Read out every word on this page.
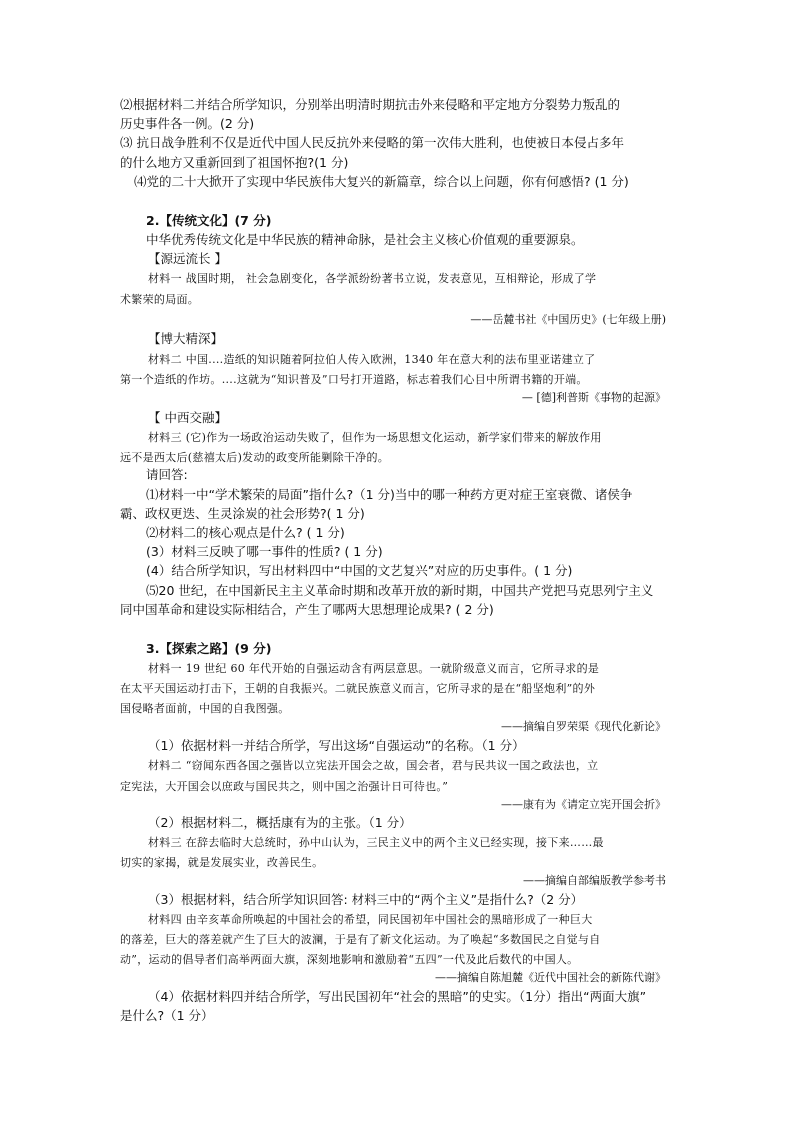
⑵根据材料二并结合所学知识，分别举出明清时期抗击外来侵略和平定地方分裂势力叛乱的
历史事件各一例。(2 分)
⑶ 抗日战争胜利不仅是近代中国人民反抗外来侵略的第一次伟大胜利，也使被日本侵占多年
的什么地方又重新回到了祖国怀抱?(1 分)
⑷党的二十大掀开了实现中华民族伟大复兴的新篇章，综合以上问题，你有何感悟? (1 分)
2.【传统文化】(7 分)
中华优秀传统文化是中华民族的精神命脉，是社会主义核心价值观的重要源泉。
【源远流长 】
材料一 战国时期， 社会急剧变化，各学派纷纷著书立说，发表意见，互相辩论，形成了学
术繁荣的局面。
——岳麓书社《中国历史》(七年级上册)
【博大精深】
材料二 中国....造纸的知识随着阿拉伯人传入欧洲，1340 年在意大利的法布里亚诺建立了
第一个造纸的作坊。....这就为“知识普及”口号打开道路，标志着我们心目中所谓书籍的开端。
— [德]利普斯《事物的起源》
【 中西交融】
材料三 (它)作为一场政治运动失败了，但作为一场思想文化运动，新学家们带来的解放作用
远不是西太后(慈禧太后)发动的政变所能剿除干净的。
请回答:
⑴材料一中“学术繁荣的局面”指什么?（1 分)当中的哪一种药方更对症王室衰微、诸侯争
霸、政权更迭、生灵涂炭的社会形势?( 1 分)
⑵材料二的核心观点是什么? ( 1 分)
(3）材料三反映了哪一事件的性质? ( 1 分)
(4）结合所学知识，写出材料四中“中国的文艺复兴”对应的历史事件。( 1 分)
⑸20 世纪，在中国新民主主义革命时期和改革开放的新时期，中国共产党把马克思列宁主义
同中国革命和建设实际相结合，产生了哪两大思想理论成果? ( 2 分)
3.【探索之路】(9 分)
材料一 19 世纪 60 年代开始的自强运动含有两层意思。一就阶级意义而言，它所寻求的是
在太平天国运动打击下，王朝的自我振兴。二就民族意义而言，它所寻求的是在“船坚炮利”的外
国侵略者面前，中国的自我图强。
——摘编自罗荣渠《现代化新论》
（1）依据材料一并结合所学，写出这场“自强运动”的名称。（1 分）
材料二 “窃闻东西各国之强皆以立宪法开国会之故，国会者，君与民共议一国之政法也，立
定宪法，大开国会以庶政与国民共之，则中国之治强计日可待也。”
——康有为《请定立宪开国会折》
（2）根据材料二，概括康有为的主张。（1 分）
材料三 在辞去临时大总统时，孙中山认为，三民主义中的两个主义已经实现，接下来……最
切实的家揭，就是发展实业，改善民生。
——摘编自部编版教学参考书
（3）根据材料，结合所学知识回答: 材料三中的“两个主义”是指什么?（2 分）
材料四 由辛亥革命所唤起的中国社会的希望，同民国初年中国社会的黑暗形成了一种巨大
的落差，巨大的落差就产生了巨大的波澜，于是有了新文化运动。为了唤起“多数国民之自觉与自
动”，运动的倡导者们高举两面大旗，深刻地影响和激励着“五四”一代及此后数代的中国人。
——摘编自陈旭麓《近代中国社会的新陈代谢》
（4）依据材料四并结合所学，写出民国初年“社会的黑暗”的史实。（1分）指出“两面大旗”
是什么?（1 分）
